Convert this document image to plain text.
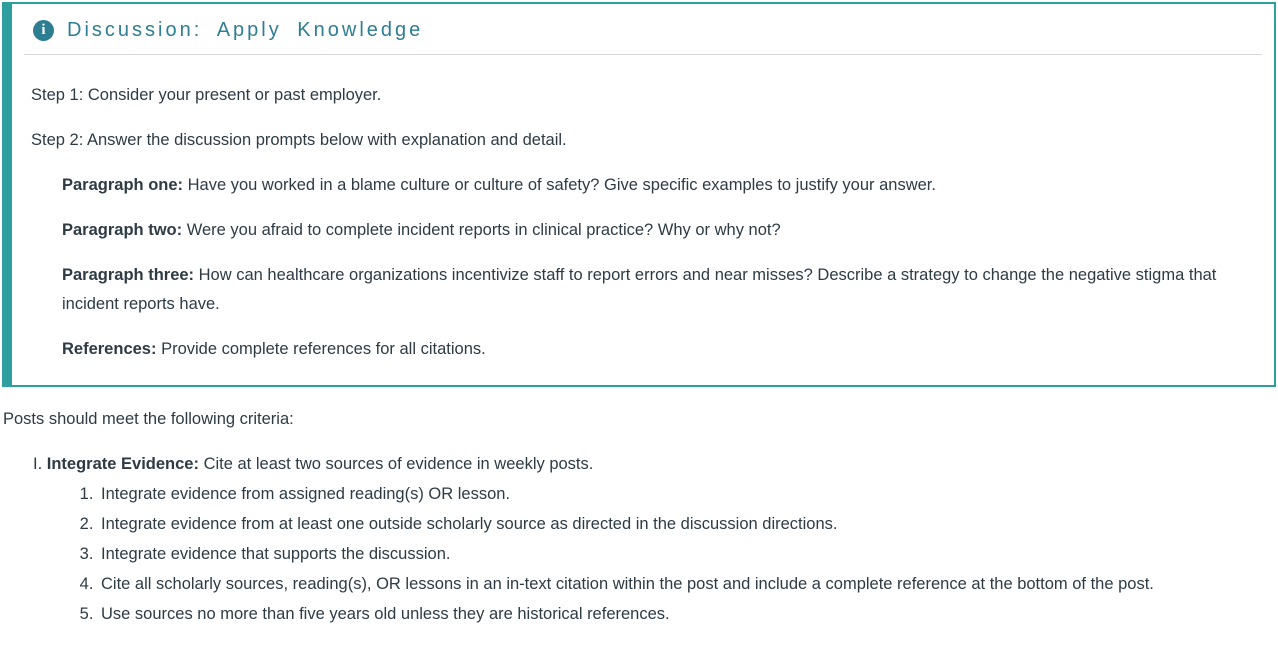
i	Discussion: Apply Knowledge

Step 1: Consider your present or past employer.

Step 2: Answer the discussion prompts below with explanation and detail.

Paragraph one: Have you worked in a blame culture or culture of safety? Give specific examples to justify your answer.

Paragraph two: Were you afraid to complete incident reports in clinical practice? Why or why not?

Paragraph three: How can healthcare organizations incentivize staff to report errors and near misses? Describe a strategy to change the negative stigma that incident reports have.

References: Provide complete references for all citations.

Posts should meet the following criteria:

I. Integrate Evidence: Cite at least two sources of evidence in weekly posts.

1. Integrate evidence from assigned reading(s) OR lesson.
2. Integrate evidence from at least one outside scholarly source as directed in the discussion directions.
3. Integrate evidence that supports the discussion.
4. Cite all scholarly sources, reading(s), OR lessons in an in-text citation within the post and include a complete reference at the bottom of the post.
5. Use sources no more than five years old unless they are historical references.
